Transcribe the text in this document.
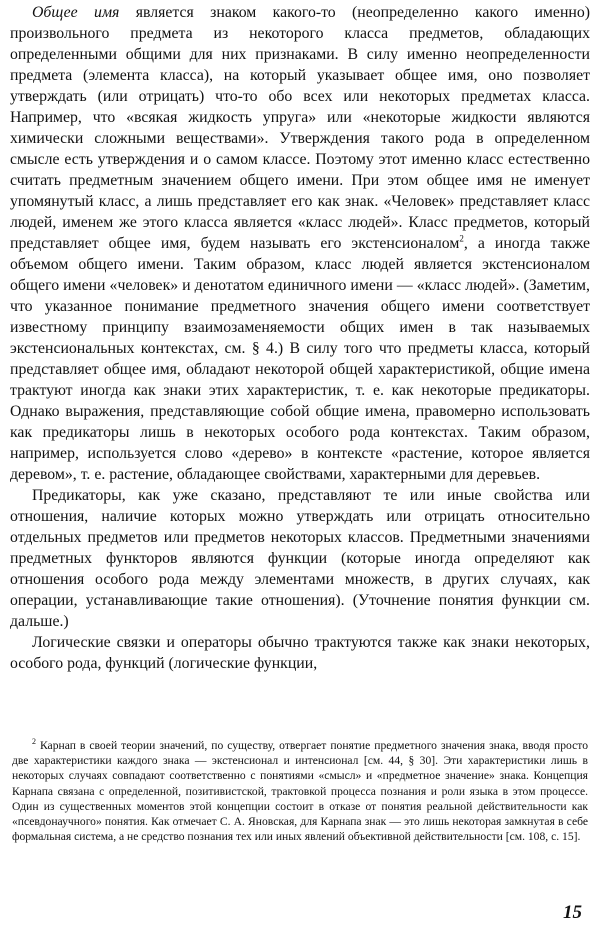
Общее имя является знаком какого-то (неопределенно какого именно) произвольного предмета из некоторого класса предметов, обладающих определенными общими для них признаками. В силу именно неопределенности предмета (элемента класса), на который указывает общее имя, оно позволяет утверждать (или отрицать) что-то обо всех или некоторых предметах класса. Например, что «всякая жидкость упруга» или «некоторые жидкости являются химически сложными веществами». Утверждения такого рода в определенном смысле есть утверждения и о самом классе. Поэтому этот именно класс естественно считать предметным значением общего имени. При этом общее имя не именует упомянутый класс, а лишь представляет его как знак. «Человек» представляет класс людей, именем же этого класса является «класс людей». Класс предметов, который представляет общее имя, будем называть его экстенсионалом$^2$, а иногда также объемом общего имени. Таким образом, класс людей является экстенсионалом общего имени «человек» и денотатом единичного имени — «класс людей». (Заметим, что указанное понимание предметного значения общего имени соответствует известному принципу взаимозаменяемости общих имен в так называемых экстенсиональных контекстах, см. § 4.) В силу того что предметы класса, который представляет общее имя, обладают некоторой общей характеристикой, общие имена трактуют иногда как знаки этих характеристик, т. е. как некоторые предикаторы. Однако выражения, представляющие собой общие имена, правомерно использовать как предикаторы лишь в некоторых особого рода контекстах. Таким образом, например, используется слово «дерево» в контексте «растение, которое является деревом», т. е. растение, обладающее свойствами, характерными для деревьев.

Предикаторы, как уже сказано, представляют те или иные свойства или отношения, наличие которых можно утверждать или отрицать относительно отдельных предметов или предметов некоторых классов. Предметными значениями предметных функторов являются функции (которые иногда определяют как отношения особого рода между элементами множеств, в других случаях, как операции, устанавливающие такие отношения). (Уточнение понятия функции см. дальше.)

Логические связки и операторы обычно трактуются также как знаки некоторых, особого рода, функций (логические функции,

$^2$ Карнап в своей теории значений, по существу, отвергает понятие предметного значения знака, вводя просто две характеристики каждого знака — экстенсионал и интенсионал [см. 44, § 30]. Эти характеристики лишь в некоторых случаях совпадают соответственно с понятиями «смысл» и «предметное значение» знака. Концепция Карнапа связана с определенной, позитивистской, трактовкой процесса познания и роли языка в этом процессе. Один из существенных моментов этой концепции состоит в отказе от понятия реальной действительности как «псевдонаучного» понятия. Как отмечает С. А. Яновская, для Карнапа знак — это лишь некоторая замкнутая в себе формальная система, а не средство познания тех или иных явлений объективной действительности [см. 108, с. 15].

15
